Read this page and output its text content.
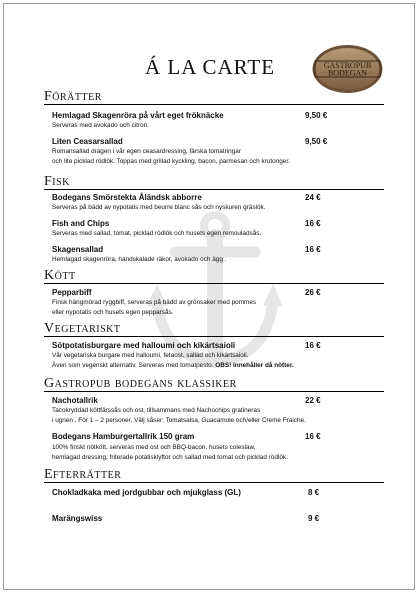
GASTROPUB
BODEGAN
Á LA CARTE
Förätter
Hemlagad Skagenröra på vårt eget fröknäcke	9,50 €
Serveras med avokado och citron.
Liten Ceasarsallad	9,50 €
Romansallad dragen i vår egen ceasardressing, färska tomatringar
och lite picklad rödlök. Toppas med grillad kyckling, bacon, parmesan och krutonger.
Fisk
Bodegans Smörstekta Åländsk abborre	24 €
Serveras på bädd av nypotatis med beurre blanc sås och nyskuren gräslök.
Fish and Chips	16 €
Serveras med sallad, tomat, picklad rödlök och husets egen remouladsås.
Skagensallad	16 €
Hemlagad skagenröra, handskalade räkor, avokado och ägg .
Kött
Pepparbiff	26 €
Finsk hängmörad ryggbiff, serveras på bädd av grönsaker med pommes
eller nypotatis och husets egen pepparsås.
Vegetariskt
Sötpotatisburgare med halloumi och kikärtsaioli	16 €
Vår vegetariska burgare med halloumi, fetaost, sallad och kikärtsaioli.
Även som vegenskt alternativ. Serveras med tomatpesto. OBS! Innehåller då nötter.
Gastropub bodegans klassiker
Nachotallrik	22 €
Tacokryddad köttfärssås och ost, tillsammans med Nachochips gratineras
i ugnen . För 1 – 2 personer. Välj såser; Tomatsalsa, Guacamole och/eller Creme Fraiche.
Bodegans Hamburgertallrik 150 gram	16 €
100% finskt nötkött, serveras med ost och BBQ-bacon, husets coleslaw,
hemlagad dressing, friterade potatisklyftor och sallad med tomat och picklad rödlök.
Efterrätter
Chokladkaka med jordgubbar och mjukglass (GL)	8 €
Marängswiss	9 €
